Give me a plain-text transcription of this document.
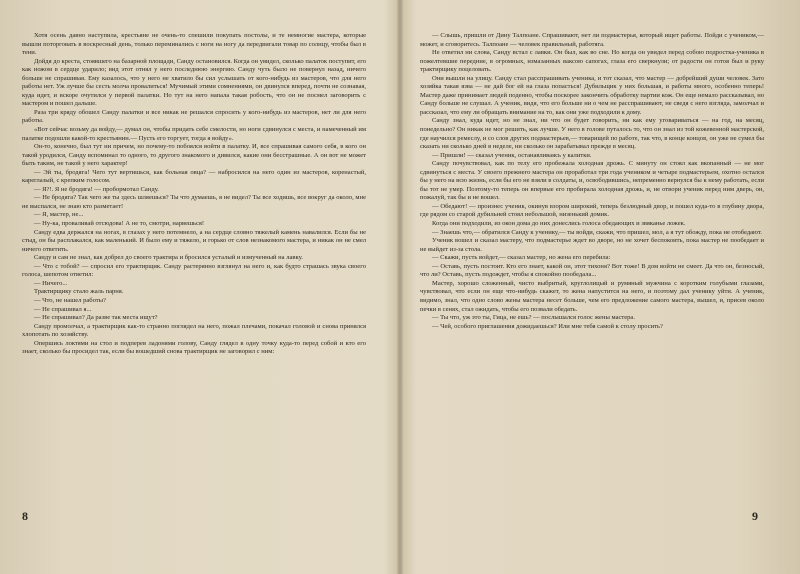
Хотя осень давно наступила, крестьяне не очень-то спешили покупать постолы, и те немногие мастера, которые вышли поторговать в воскресный день, только переминались с ноги на ногу да передвигали товар по солнцу, чтобы был в тени.

Дойдя до креста, стоявшего на базарной площади, Санду остановился. Когда он увидел, сколько палаток поступит, его как ножом в сердце ударило; вид этот отнял у него последнюю энергию. Санду чуть было не повернул назад, ничего больше не спрашивая. Ему казалось, что у него не хватило бы сил услышать от кого-нибудь из мастеров, что для него работы нет. Уж лучше бы сесть молча провалиться! Мучимый этими сомнениями, он двинулся вперед, почти не сознавая, куда идет, и вскоре очутился у первой палатки. Но тут на него напала такая робость, что он не посмел заговорить с мастером и пошел дальше.

Раза три кряду обошел Санду палатки и все никак не решался спросить у кого-нибудь из мастеров, нет ли для него работы.

«Вот сейчас возьму да войду,— думал он, чтобы придать себе смелости, но ноги сдвинулся с места, и намеченный им палатке подошли какой-то крестьянин.— Пусть его торгует, тогда я войду».

Он-то, конечно, был тут ни причем, но почему-то побоялся войти в палатку. И, все спрашивая самого себя, в кого он такой уродился, Санду вспоминал то одного, то другого знакомого и дивился, какие они бесстрашные. А он вот не может быть таким, не такой у него характер!

— Эй ты, бродяга! Чего тут вертишься, как больная овца? — набросился на него один из мастеров, коренастый, кареглазый, с крепким голосом.

— Я?!. Я не бродяга! — пробормотал Санду.

— Не бродяга? Так чего же ты здесь шляешься? Ты что думаешь, я не видел? Ты все ходишь, все вокруг да около, мне не выспался, не знаю кто разметает!

— Я, мастер, не...

— Ну-ка, проваливай отсюдова! А не то, смотри, нарвешься!

Санду едва держался на ногах, в глазах у него потемнело, а на сердце словно тяжелый камень навалился. Если бы не стыд, он бы расплакался, как маленький. И было ему и тяжело, и горько от слов незнакомого мастера, и никак он не смел ничего ответить.

Санду и сам не знал, как добрел до своего трактира и бросился усталый и измученный на лавку.

— Что с тобой? — спросил его трактирщик. Санду растерянно взглянул на него и, как будто страшась звука своего голоса, шепотом ответил:

— Ничего...

Трактирщику стало жаль парня.

— Что, не нашел работы?

— Не спрашивал я...

— Не спрашивал? Да разве так места ищут?

Санду промолчал, а трактирщик как-то странно поглядел на него, пожал плечами, покачал головой и снова принялся хлопотать по хозяйству.

Опершись локтями на стол и подперев ладонями голову, Санду глядел в одну точку куда-то перед собой и кто его знает, сколько бы просидел так, если бы вошедший снова трактирщик не заговорил с ним:

— Слышь, пришли от Дину Талпоане. Спрашивают, нет ли подмастерья, который ищет работы. Пойди с учеником,— может, и сговоритесь. Талпоане — человек правильный, работяга.

Не ответил ни слова, Санду встал с лавки. Он был, как во сне. Но когда он увидел перед собою подростка-ученика в пожелтевшие передние, в огромных, измазанных ваксою сапогах, глаза его сверкнули; от радости он готов был и руку трактирщику поцеловать.

Они вышли на улицу. Санду стал расспрашивать ученика, и тот сказал, что мастер — добрейший души человек. Зато хозяйка такая язва — не дай бог ей на глаза попасться! Дубильщик у них большая, и работы много, особенно теперь! Мастер даже принимает людей поденно, чтобы поскорее закончить обработку партии кож. Он еще немало рассказывал, но Санду больше не слушал. А ученик, видя, что его больше ни о чем не расспрашивают, не сведя с него взгляда, замолчал и рассказал, что ему ли обращать внимание на то, как они уже подходили к дому.

Санду знал, куда идет, но не знал, ни что он будет говорить, ни как ему уговариваться — на год, на месяц, понедельно? Он никак не мог решить, как лучше. У него в голове путалось то, что он знал из той кожевенной мастерской, где научился ремеслу, и со слов других подмастерьев,— товарищей по работе, так что, в конце концов, он уже не сумел бы сказать ни сколько дней в неделе, ни сколько он зарабатывал прежде в месяц.

— Пришли! — сказал ученик, останавливаясь у калитки.

Санду почувствовал, как по телу его пробежала холодная дрожь. С минуту он стоял как вкопанный — не мог сдвинуться с места. У своего прежнего мастера он проработал три года учеником и четыре подмастерьем, охотно остался бы у него на всю жизнь, если бы его не взяли в солдаты, и, освободившись, непременно вернулся бы к нему работать, если бы тот не умер. Поэтому-то теперь он впервые его пробирала холодная дрожь, и, не отвори ученик перед ним дверь, он, пожалуй, так бы и не вошел.

— Обедают! — произнес ученик, окинув взором широкий, теперь безлюдный двор, и пошел куда-то в глубину двора, где рядом со старой дубильней стоял небольшой, низенький домик.

Когда они подходили, из окон дома до них донеслись голоса обедающих и звяканье ложек.

— Знаешь что,— обратился Санду к ученику,— ты войди, скажи, что пришел, мол, а я тут обожду, пока не отобедают.

Ученик вошел и сказал мастеру, что подмастерье ждет во дворе, но не хочет беспокоить, пока мастер не пообедает и не выйдет из-за стола.

— Скажи, пусть войдет,— сказал мастер, но жена его перебила:

— Оставь, пусть постоит. Кто его знает, какой он, этот тихоня? Вот тоже! В дом войти не смеет. Да что он, безносый, что ли? Оставь, пусть подождет, чтобы я спокойно пообедала...

Мастер, хорошо сложенный, чисто выбритый, круглолицый и румяный мужчина с коротким голубыми глазами, чувствовал, что если он еще что-нибудь скажет, то жена напустится на него, и поэтому дал ученику уйти. А ученик, видимо, знал, что одно слово жены мастера несет больше, чем его предложение самого мастера, вышел, и, присев около печки в сенях, стал ожидать, чтобы его позвали обедать.

— Ты что, уж это ты, Гица, не ешь? — послышался голос жены мастера.

— Чей, особого приглашения дожидаешься? Или мне тебя самой к столу просить?

8	9
